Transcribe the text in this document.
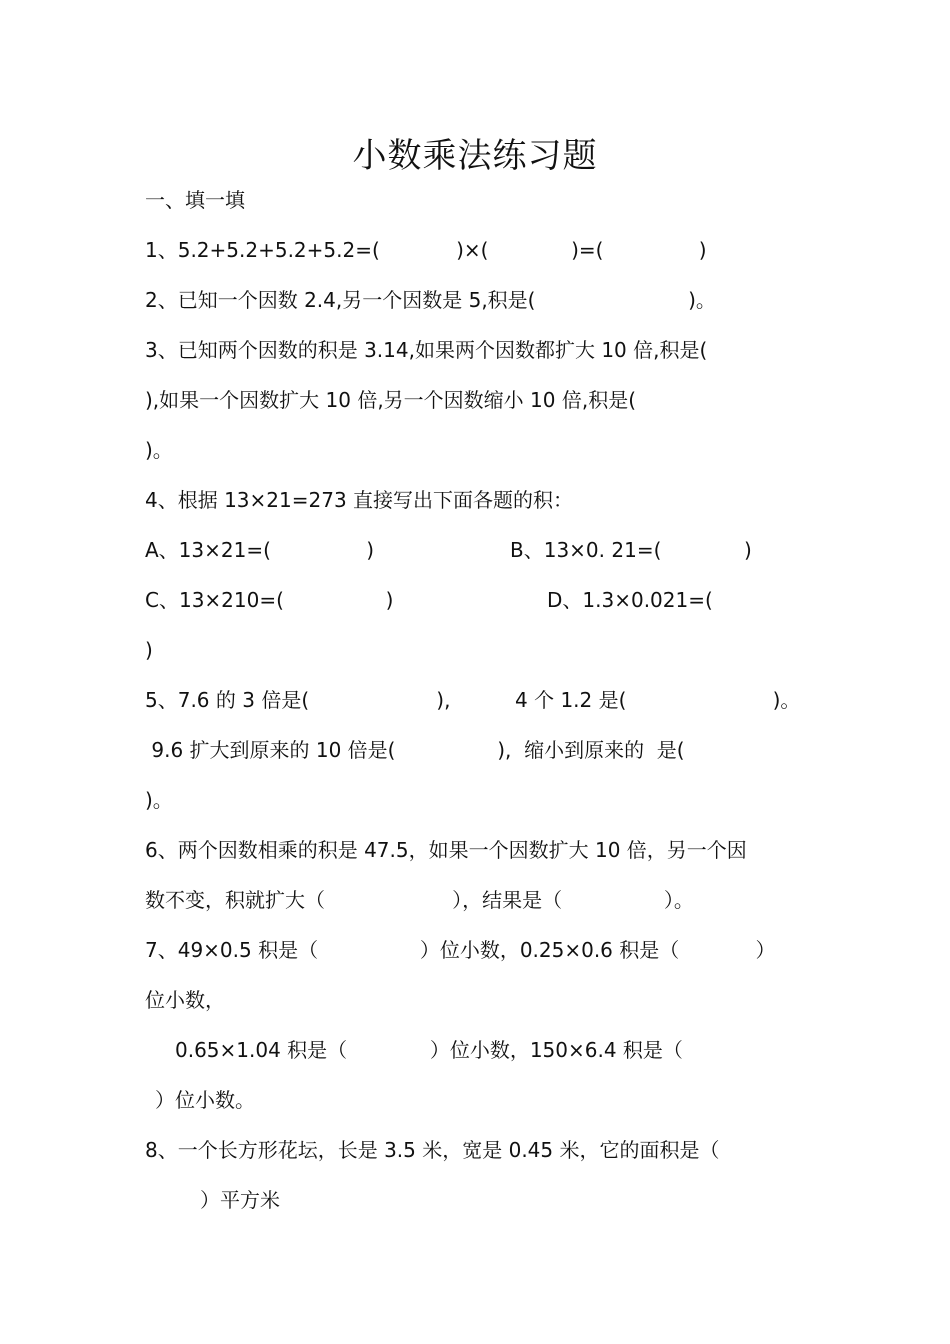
小数乘法练习题
一、填一填
1、5.2+5.2+5.2+5.2=(            )×(             )=(               )
2、已知一个因数 2.4,另一个因数是 5,积是(                        )。
3、已知两个因数的积是 3.14,如果两个因数都扩大 10 倍,积是(
),如果一个因数扩大 10 倍,另一个因数缩小 10 倍,积是(
)。
4、根据 13×21=273 直接写出下面各题的积：
A、13×21=(               )	B、13×0. 21=(             )
C、13×210=(                )	D、1.3×0.021=(
)
5、7.6 的 3 倍是(                    ),	4 个 1.2 是(                       )。
9.6 扩大到原来的 10 倍是(                ),  缩小到原来的  是(
)。
6、两个因数相乘的积是 47.5，如果一个因数扩大 10 倍，另一个因
数不变，积就扩大（                    ），结果是（                ）。
7、49×0.5 积是（                ）位小数，0.25×0.6 积是（            ）
位小数，
0.65×1.04 积是（             ）位小数，150×6.4 积是（
）位小数。
8、一个长方形花坛，长是 3.5 米，宽是 0.45 米，它的面积是（
）平方米
